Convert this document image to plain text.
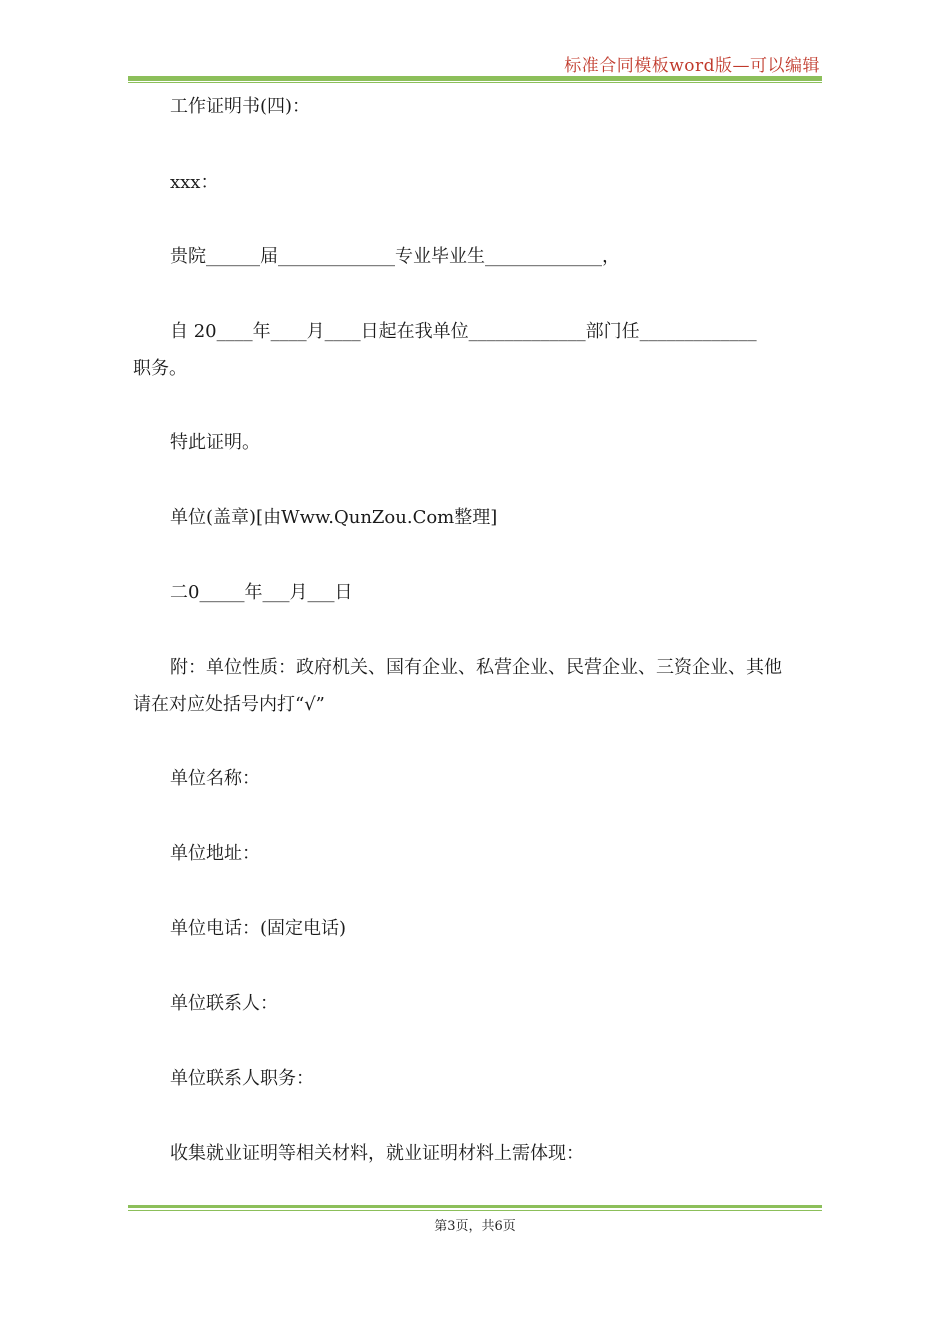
标准合同模板word版—可以编辑
工作证明书(四)：
xxx：
贵院______届_____________专业毕业生_____________，
自 20____年____月____日起在我单位_____________部门任_____________
职务。
特此证明。
单位(盖章)[由Www.QunZou.Com整理]
二0_____年___月___日
附：单位性质：政府机关、国有企业、私营企业、民营企业、三资企业、其他
请在对应处括号内打“√”
单位名称：
单位地址：
单位电话：(固定电话)
单位联系人：
单位联系人职务：
收集就业证明等相关材料，就业证明材料上需体现：
第3页，共6页
